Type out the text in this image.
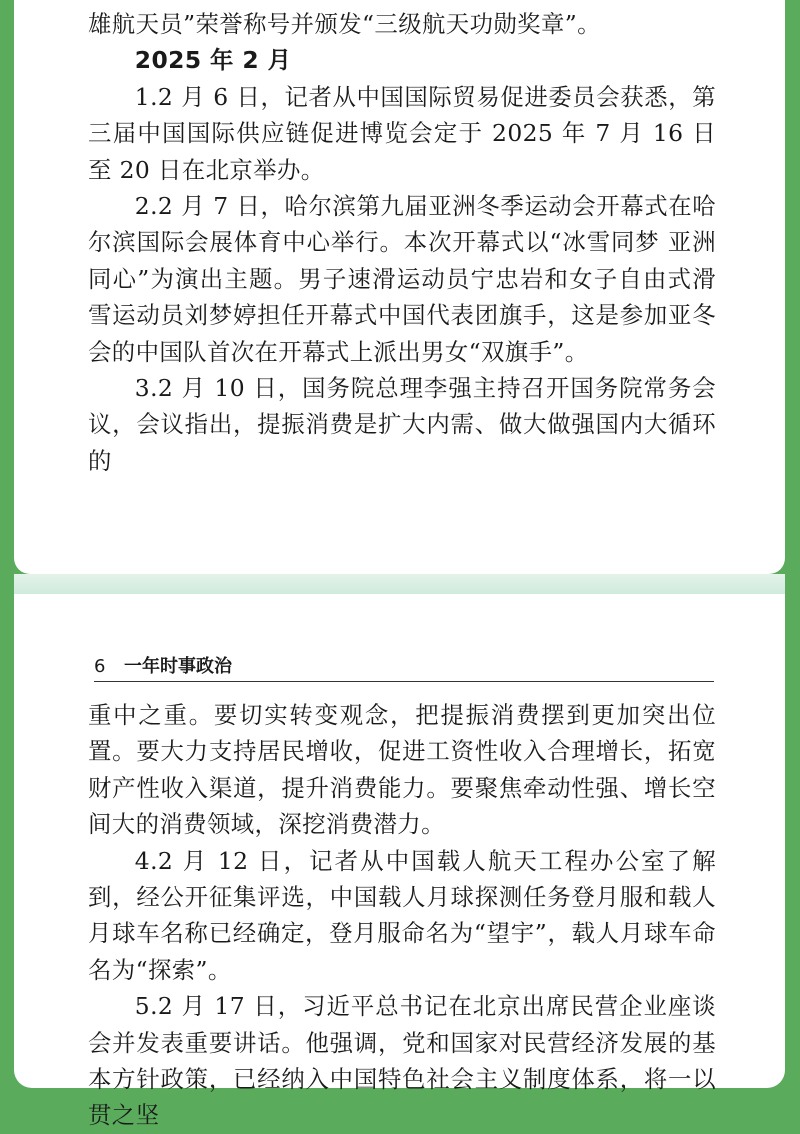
雄航天员”荣誉称号并颁发“三级航天功勋奖章”。

2025 年 2 月

1.2 月 6 日，记者从中国国际贸易促进委员会获悉，第三届中国国际供应链促进博览会定于 2025 年 7 月 16 日至 20 日在北京举办。

2.2 月 7 日，哈尔滨第九届亚洲冬季运动会开幕式在哈尔滨国际会展体育中心举行。本次开幕式以“冰雪同梦 亚洲同心”为演出主题。男子速滑运动员宁忠岩和女子自由式滑雪运动员刘梦婷担任开幕式中国代表团旗手，这是参加亚冬会的中国队首次在开幕式上派出男女“双旗手”。

3.2 月 10 日，国务院总理李强主持召开国务院常务会议，会议指出，提振消费是扩大内需、做大做强国内大循环的

6 一年时事政治

重中之重。要切实转变观念，把提振消费摆到更加突出位置。要大力支持居民增收，促进工资性收入合理增长，拓宽财产性收入渠道，提升消费能力。要聚焦牵动性强、增长空间大的消费领域，深挖消费潜力。

4.2 月 12 日，记者从中国载人航天工程办公室了解到，经公开征集评选，中国载人月球探测任务登月服和载人月球车名称已经确定，登月服命名为“望宇”，载人月球车命名为“探索”。

5.2 月 17 日，习近平总书记在北京出席民营企业座谈会并发表重要讲话。他强调，党和国家对民营经济发展的基本方针政策，已经纳入中国特色社会主义制度体系，将一以贯之坚
